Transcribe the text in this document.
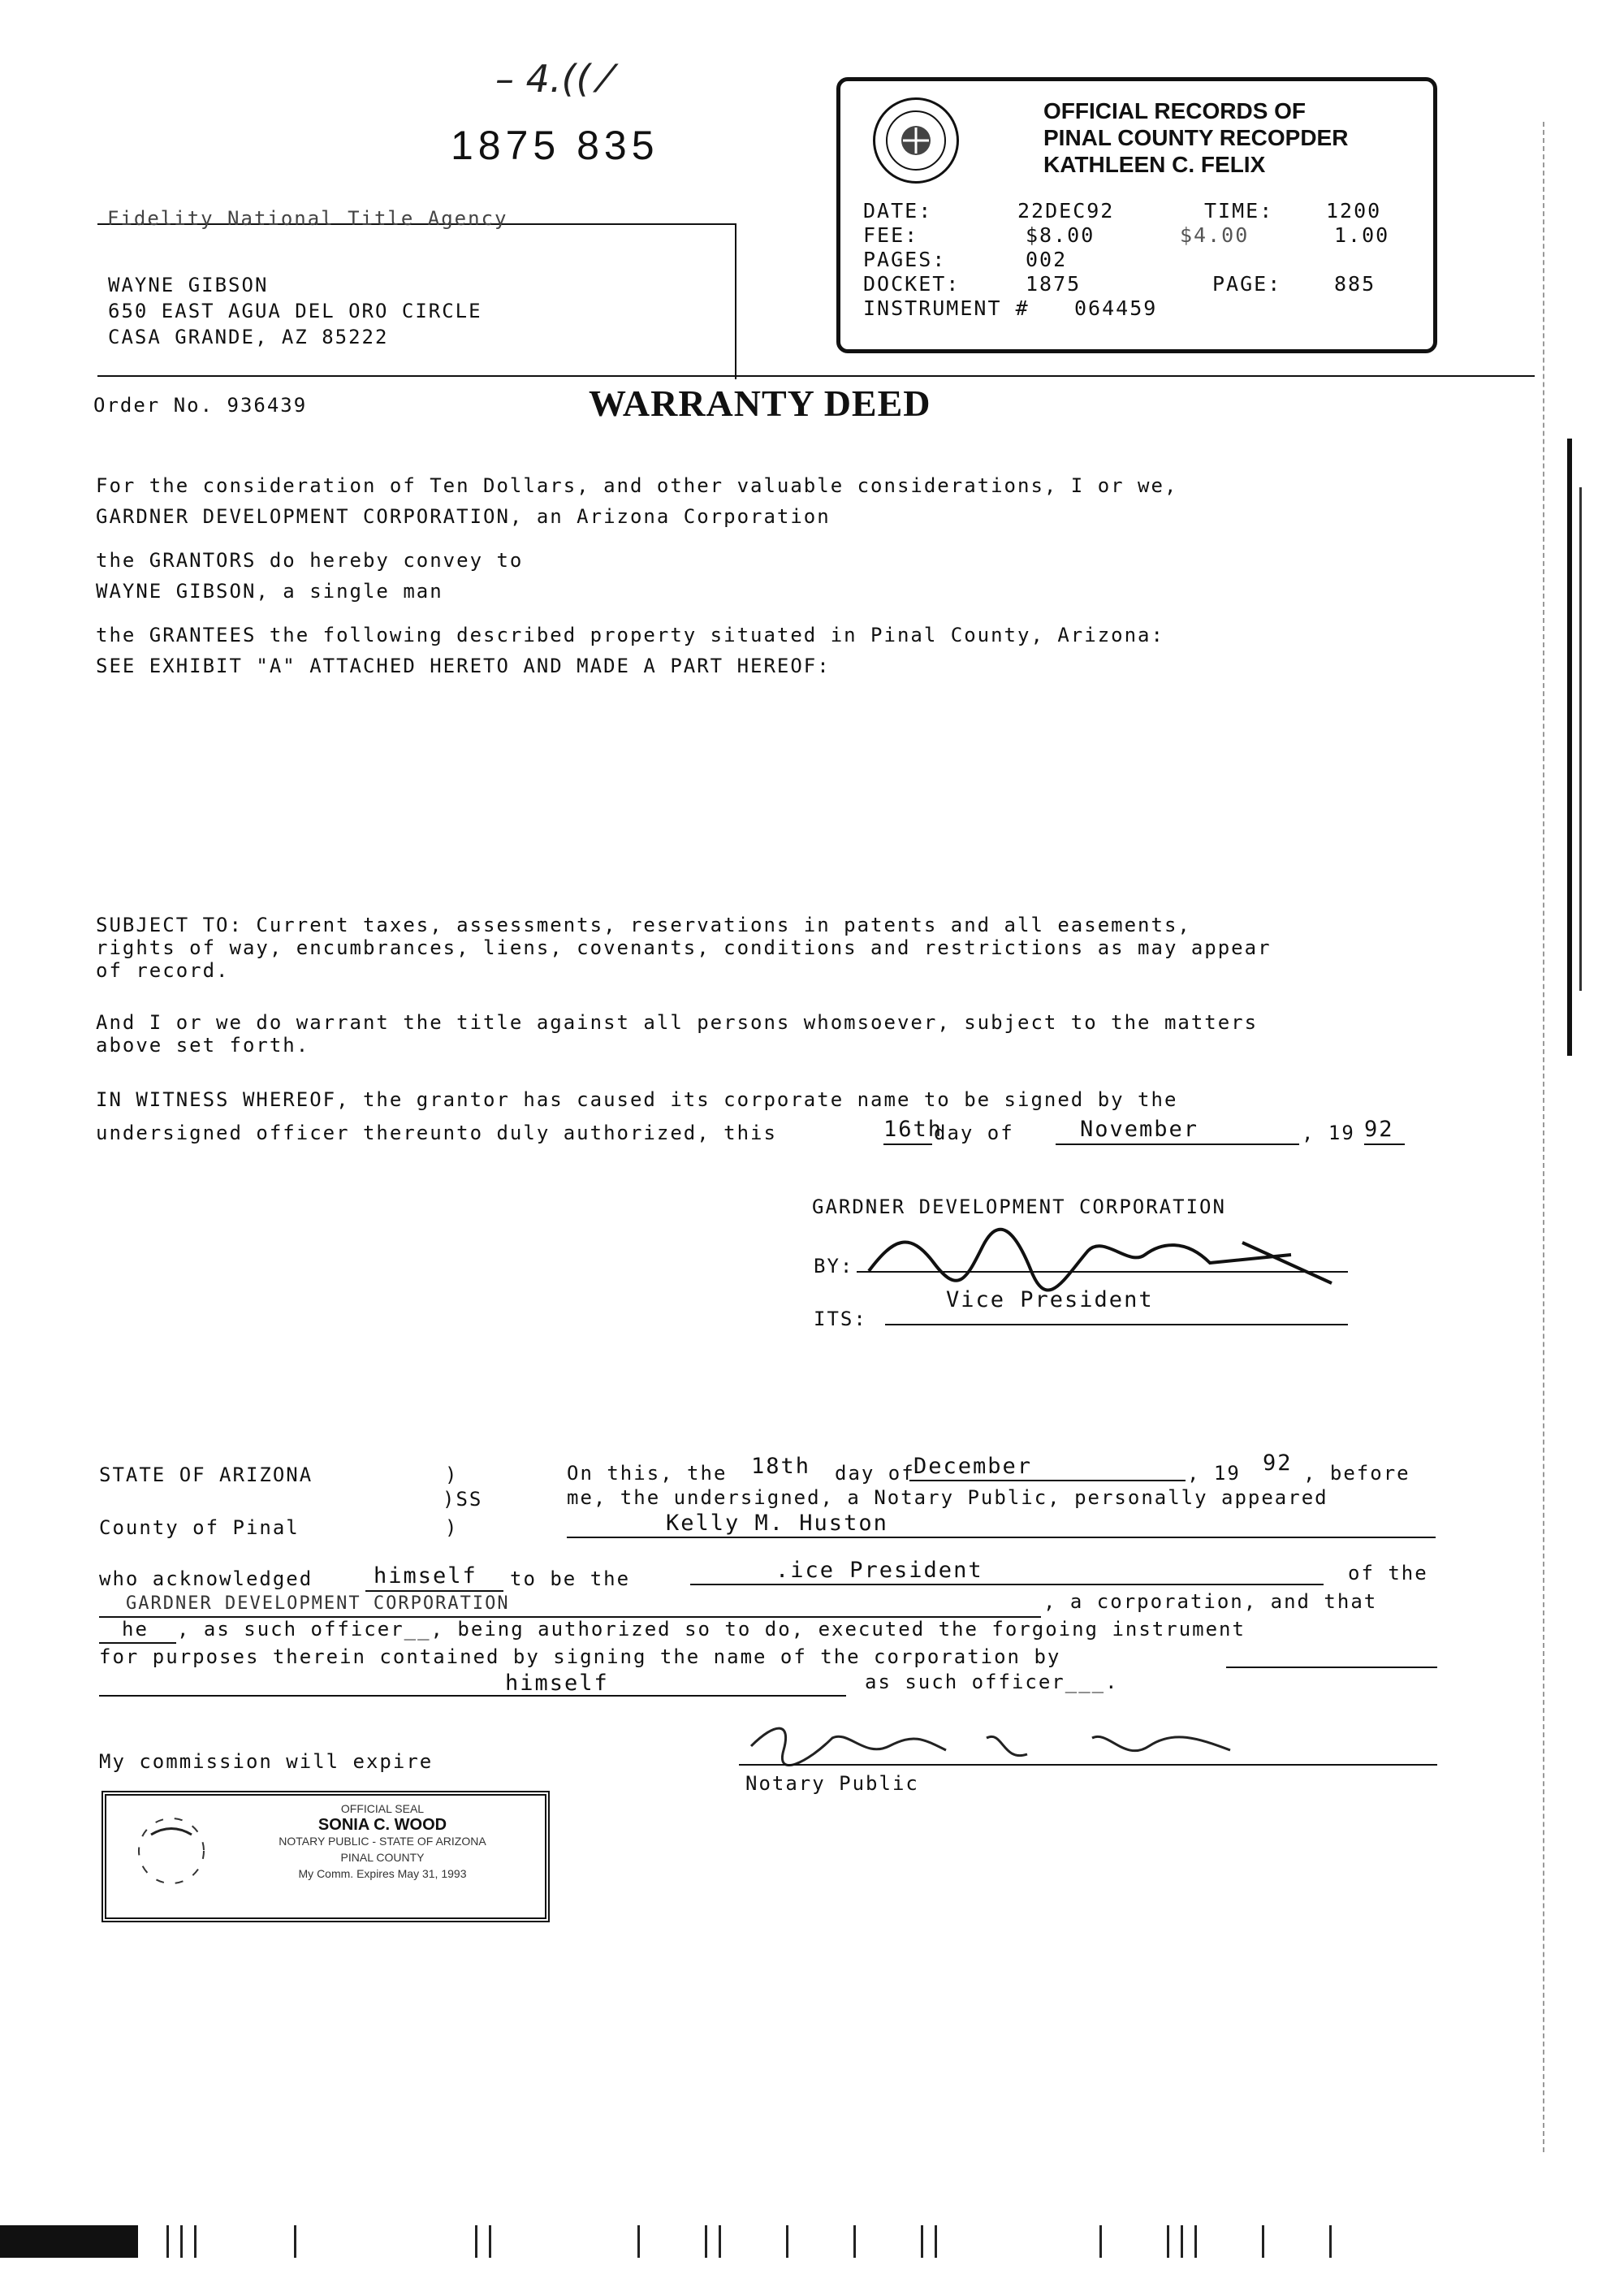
– 4.(( ⁄
1875 835
OFFICIAL RECORDS OF
PINAL COUNTY RECOPDER
KATHLEEN C. FELIX
DATE:	22DEC92	TIME:	1200
FEE:	$8.00	$4.00	1.00
PAGES:	002
DOCKET:	1875	PAGE:	885
INSTRUMENT # 064459
Fidelity National Title Agency
WAYNE GIBSON
650 EAST AGUA DEL ORO CIRCLE
CASA GRANDE, AZ 85222
Order No. 936439	WARRANTY DEED
For the consideration of Ten Dollars, and other valuable considerations, I or we,
GARDNER DEVELOPMENT CORPORATION, an Arizona Corporation
the GRANTORS do hereby convey to
WAYNE GIBSON, a single man
the GRANTEES the following described property situated in Pinal County, Arizona:
SEE EXHIBIT "A" ATTACHED HERETO AND MADE A PART HEREOF:
SUBJECT TO: Current taxes, assessments, reservations in patents and all easements,
rights of way, encumbrances, liens, covenants, conditions and restrictions as may appear
of record.
And I or we do warrant the title against all persons whomsoever, subject to the matters
above set forth.
IN WITNESS WHEREOF, the grantor has caused its corporate name to be signed by the
undersigned officer thereunto duly authorized, this	16th
day of	November	, 19 92
GARDNER DEVELOPMENT CORPORATION
BY:
ITS:
Vice President
STATE OF ARIZONA
County of Pinal
)
)SS
)
On this, the 18th day of
December	, 19 92 , before
me, the undersigned, a Notary Public, personally appeared
Kelly M. Huston
who acknowledged	himself to be the	.ice President	of the
GARDNER DEVELOPMENT CORPORATION	, a corporation, and that
he , as such officer__, being authorized so to do, executed the forgoing instrument
for purposes therein contained by signing the name of the corporation by
himself	as such officer___.
My commission will expire
Notary Public
OFFICIAL SEAL
SONIA C. WOOD
NOTARY PUBLIC - STATE OF ARIZONA
PINAL COUNTY
My Comm. Expires May 31, 1993
